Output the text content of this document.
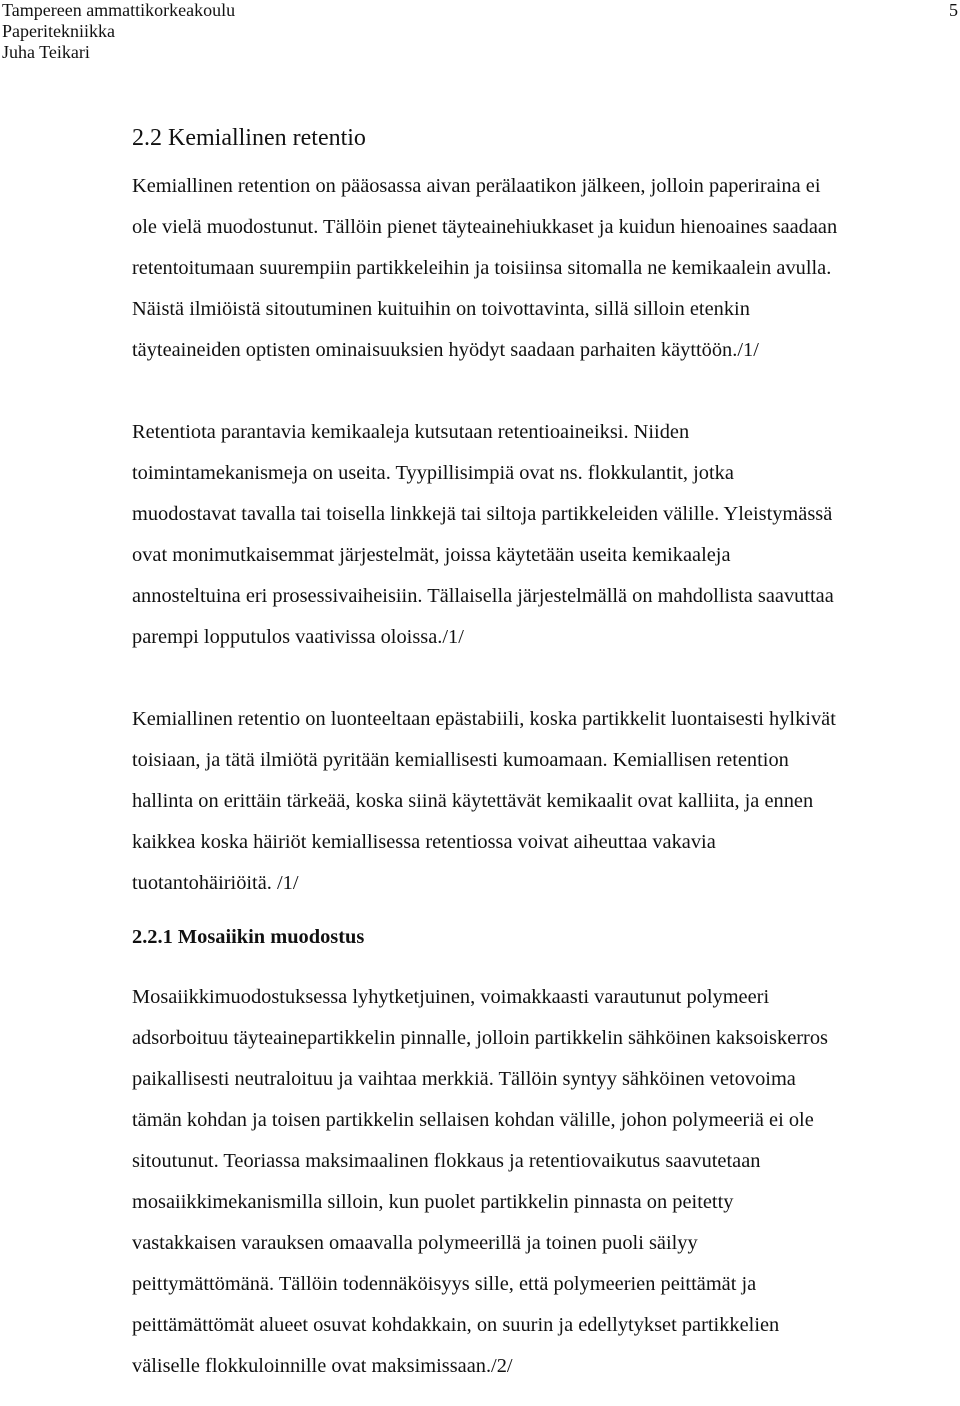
Tampereen ammattikorkeakoulu
Paperitekniikka
Juha Teikari
5
2.2 Kemiallinen retentio

Kemiallinen retention on pääosassa aivan perälaatikon jälkeen, jolloin paperiraina ei
ole vielä muodostunut. Tällöin pienet täyteainehiukkaset ja kuidun hienoaines saadaan
retentoitumaan suurempiin partikkeleihin ja toisiinsa sitomalla ne kemikaalein avulla.
Näistä ilmiöistä sitoutuminen kuituihin on toivottavinta, sillä silloin etenkin
täyteaineiden optisten ominaisuuksien hyödyt saadaan parhaiten käyttöön./1/

Retentiota parantavia kemikaaleja kutsutaan retentioaineiksi. Niiden
toimintamekanismeja on useita. Tyypillisimpiä ovat ns. flokkulantit, jotka
muodostavat tavalla tai toisella linkkejä tai siltoja partikkeleiden välille. Yleistymässä
ovat monimutkaisemmat järjestelmät, joissa käytetään useita kemikaaleja
annosteltuina eri prosessivaiheisiin. Tällaisella järjestelmällä on mahdollista saavuttaa
parempi lopputulos vaativissa oloissa./1/

Kemiallinen retentio on luonteeltaan epästabiili, koska partikkelit luontaisesti hylkivät
toisiaan, ja tätä ilmiötä pyritään kemiallisesti kumoamaan. Kemiallisen retention
hallinta on erittäin tärkeää, koska siinä käytettävät kemikaalit ovat kalliita, ja ennen
kaikkea koska häiriöt kemiallisessa retentiossa voivat aiheuttaa vakavia
tuotantohäiriöitä. /1/

2.2.1 Mosaiikin muodostus

Mosaiikkimuodostuksessa lyhytketjuinen, voimakkaasti varautunut polymeeri
adsorboituu täyteainepartikkelin pinnalle, jolloin partikkelin sähköinen kaksoiskerros
paikallisesti neutraloituu ja vaihtaa merkkiä. Tällöin syntyy sähköinen vetovoima
tämän kohdan ja toisen partikkelin sellaisen kohdan välille, johon polymeeriä ei ole
sitoutunut. Teoriassa maksimaalinen flokkaus ja retentiovaikutus saavutetaan
mosaiikkimekanismilla silloin, kun puolet partikkelin pinnasta on peitetty
vastakkaisen varauksen omaavalla polymeerillä ja toinen puoli säilyy
peittymättömänä. Tällöin todennäköisyys sille, että polymeerien peittämät ja
peittämättömät alueet osuvat kohdakkain, on suurin ja edellytykset partikkelien
väliselle flokkuloinnille ovat maksimissaan./2/
